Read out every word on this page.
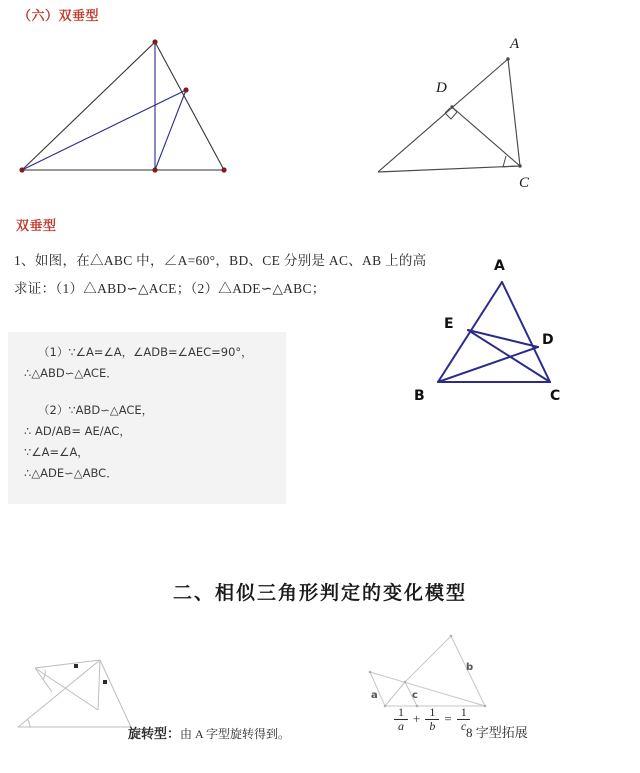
（六）双垂型
双垂型
二、相似三角形判定的变化模型
A
C
D
1、如图，在△ABC 中，∠A=60°，BD、CE 分别是 AC、AB 上的高
求证：（1）△ABD∽△ACE；（2）△ADE∽△ABC；
（1）∵∠A=∠A，∠ADB=∠AEC=90°，
∴△ABD∽△ACE．
（2）∵ABD∽△ACE，
∴ AD/AB= AE/AC，
∵∠A=∠A，
∴△ADE∽△ABC．
A
B	C
D
E
旋转型：由 A 字型旋转得到。
a
b
c
$\frac{1}{a} + \frac{1}{b} = \frac{1}{c}$
8 字型拓展
